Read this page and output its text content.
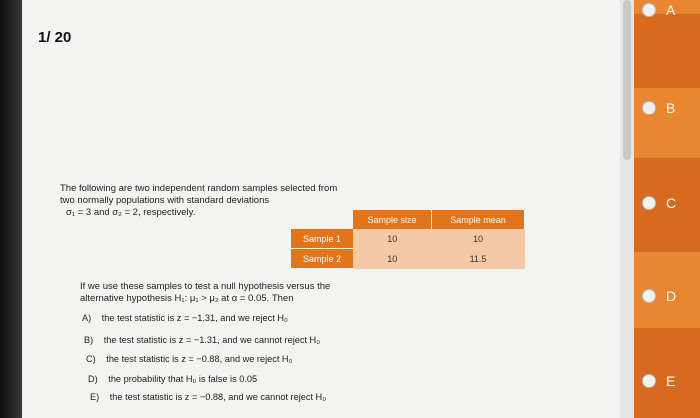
A
B
C
D
E
1/ 20
The following are two independent random samples selected from
two normally populations with standard deviations
σ₁ = 3 and σ₂ = 2, respectively.
	Sample size	Sample mean
Sample 1	10	10
Sample 2	10	11.5
If we use these samples to test a null hypothesis versus the
alternative hypothesis H₁: μ₁ > μ₂ at α = 0.05. Then
A) the test statistic is z = −1.31, and we reject H₀
B) the test statistic is z = −1.31, and we cannot reject H₀
C) the test statistic is z = −0.88, and we reject H₀
D) the probability that H₀ is false is 0.05
E) the test statistic is z = −0.88, and we cannot reject H₀
